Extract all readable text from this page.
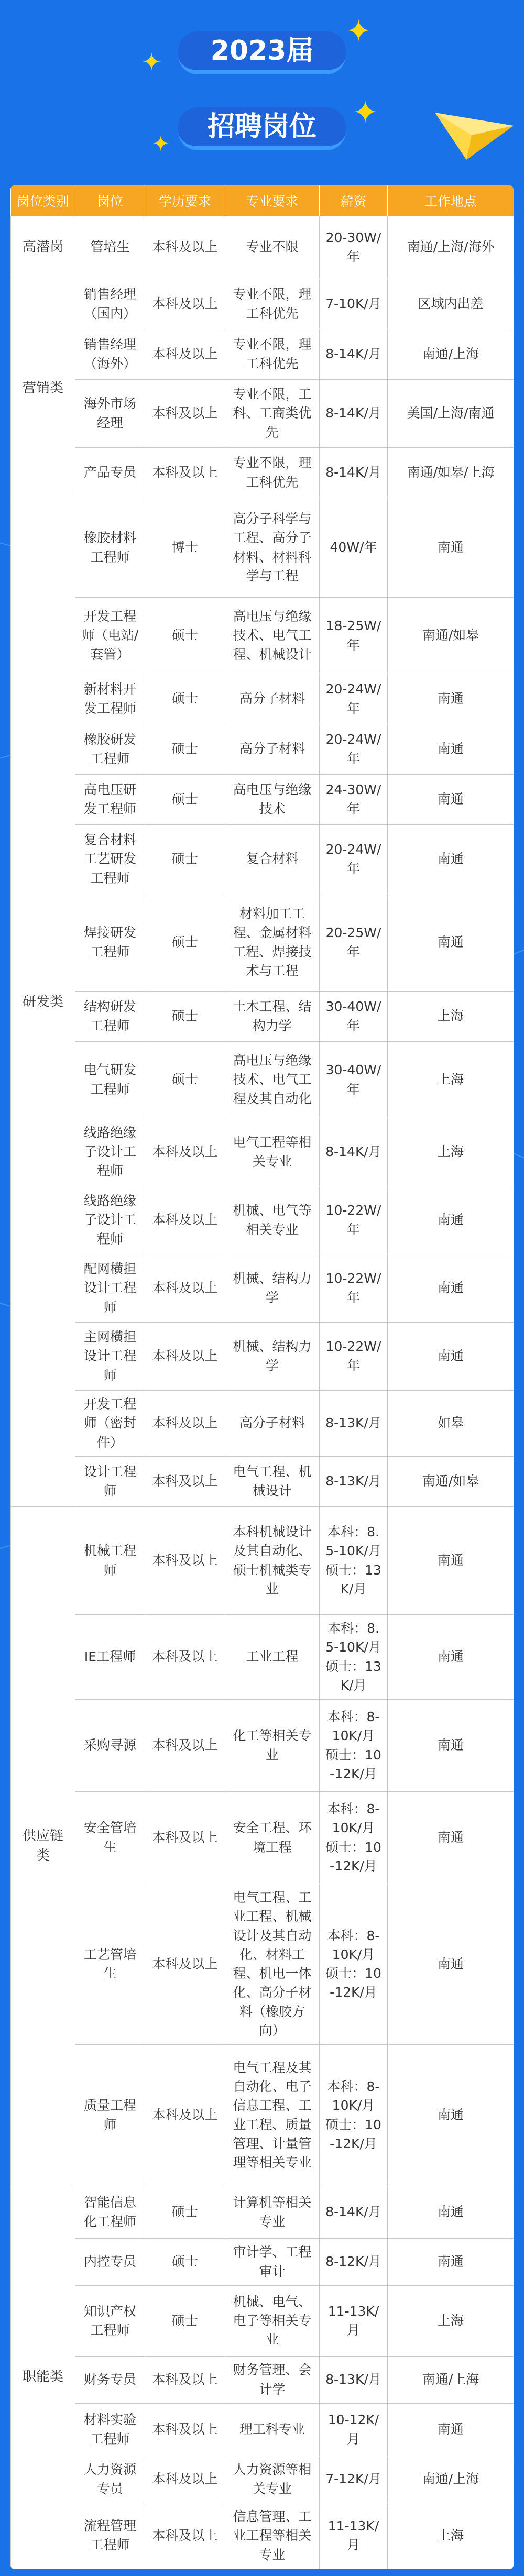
2023届
招聘岗位
✦
✦
✦
✦
岗位类别	岗位	学历要求	专业要求	薪资	工作地点
高潜岗	管培生	本科及以上	专业不限	20-30W/年	南通/上海/海外
营销类	销售经理（国内）	本科及以上	专业不限，理工科优先	7-10K/月	区域内出差
	销售经理（海外）	本科及以上	专业不限，理工科优先	8-14K/月	南通/上海
	海外市场经理	本科及以上	专业不限，工科、工商类优先	8-14K/月	美国/上海/南通
	产品专员	本科及以上	专业不限，理工科优先	8-14K/月	南通/如皋/上海
研发类	橡胶材料工程师	博士	高分子科学与工程、高分子材料、材料科学与工程	40W/年	南通
	开发工程师（电站/套管）	硕士	高电压与绝缘技术、电气工程、机械设计	18-25W/年	南通/如皋
	新材料开发工程师	硕士	高分子材料	20-24W/年	南通
	橡胶研发工程师	硕士	高分子材料	20-24W/年	南通
	高电压研发工程师	硕士	高电压与绝缘技术	24-30W/年	南通
	复合材料工艺研发工程师	硕士	复合材料	20-24W/年	南通
	焊接研发工程师	硕士	材料加工工程、金属材料工程、焊接技术与工程	20-25W/年	南通
	结构研发工程师	硕士	土木工程、结构力学	30-40W/年	上海
	电气研发工程师	硕士	高电压与绝缘技术、电气工程及其自动化	30-40W/年	上海
	线路绝缘子设计工程师	本科及以上	电气工程等相关专业	8-14K/月	上海
	线路绝缘子设计工程师	本科及以上	机械、电气等相关专业	10-22W/年	南通
	配网横担设计工程师	本科及以上	机械、结构力学	10-22W/年	南通
	主网横担设计工程师	本科及以上	机械、结构力学	10-22W/年	南通
	开发工程师（密封件）	本科及以上	高分子材料	8-13K/月	如皋
	设计工程师	本科及以上	电气工程、机械设计	8-13K/月	南通/如皋
供应链类	机械工程师	本科及以上	本科机械设计及其自动化、硕士机械类专业	本科：8.5-10K/月 硕士：13K/月	南通
	IE工程师	本科及以上	工业工程	本科：8.5-10K/月 硕士：13K/月	南通
	采购寻源	本科及以上	化工等相关专业	本科：8-10K/月 硕士：10-12K/月	南通
	安全管培生	本科及以上	安全工程、环境工程	本科：8-10K/月 硕士：10-12K/月	南通
	工艺管培生	本科及以上	电气工程、工业工程、机械设计及其自动化、材料工程、机电一体化、高分子材料（橡胶方向）	本科：8-10K/月 硕士：10-12K/月	南通
	质量工程师	本科及以上	电气工程及其自动化、电子信息工程、工业工程、质量管理、计量管理等相关专业	本科：8-10K/月 硕士：10-12K/月	南通
职能类	智能信息化工程师	硕士	计算机等相关专业	8-14K/月	南通
	内控专员	硕士	审计学、工程审计	8-12K/月	南通
	知识产权工程师	硕士	机械、电气、电子等相关专业	11-13K/月	上海
	财务专员	本科及以上	财务管理、会计学	8-13K/月	南通/上海
	材料实验工程师	本科及以上	理工科专业	10-12K/月	南通
	人力资源专员	本科及以上	人力资源等相关专业	7-12K/月	南通/上海
	流程管理工程师	本科及以上	信息管理、工业工程等相关专业	11-13K/月	上海
